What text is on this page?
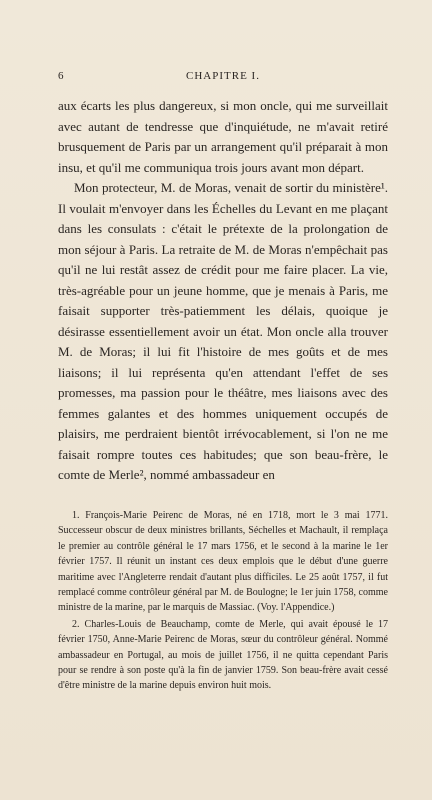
6	CHAPITRE I.

aux écarts les plus dangereux, si mon oncle, qui me surveillait avec autant de tendresse que d'inquiétude, ne m'avait retiré brusquement de Paris par un arrangement qu'il préparait à mon insu, et qu'il me communiqua trois jours avant mon départ.

Mon protecteur, M. de Moras, venait de sortir du ministère¹. Il voulait m'envoyer dans les Échelles du Levant en me plaçant dans les consulats : c'était le prétexte de la prolongation de mon séjour à Paris. La retraite de M. de Moras n'empêchait pas qu'il ne lui restât assez de crédit pour me faire placer. La vie, très-agréable pour un jeune homme, que je menais à Paris, me faisait supporter très-patiemment les délais, quoique je désirasse essentiellement avoir un état. Mon oncle alla trouver M. de Moras; il lui fit l'histoire de mes goûts et de mes liaisons; il lui représenta qu'en attendant l'effet de ses promesses, ma passion pour le théâtre, mes liaisons avec des femmes galantes et des hommes uniquement occupés de plaisirs, me perdraient bientôt irrévocablement, si l'on ne me faisait rompre toutes ces habitudes; que son beau-frère, le comte de Merle², nommé ambassadeur en

1. François-Marie Peirenc de Moras, né en 1718, mort le 3 mai 1771. Successeur obscur de deux ministres brillants, Séchelles et Machault, il remplaça le premier au contrôle général le 17 mars 1756, et le second à la marine le 1er février 1757. Il réunit un instant ces deux emplois que le début d'une guerre maritime avec l'Angleterre rendait d'autant plus difficiles. Le 25 août 1757, il fut remplacé comme contrôleur général par M. de Boulogne; le 1er juin 1758, comme ministre de la marine, par le marquis de Massiac. (Voy. l'Appendice.)

2. Charles-Louis de Beauchamp, comte de Merle, qui avait épousé le 17 février 1750, Anne-Marie Peirenc de Moras, sœur du contrôleur général. Nommé ambassadeur en Portugal, au mois de juillet 1756, il ne quitta cependant Paris pour se rendre à son poste qu'à la fin de janvier 1759. Son beau-frère avait cessé d'être ministre de la marine depuis environ huit mois.
